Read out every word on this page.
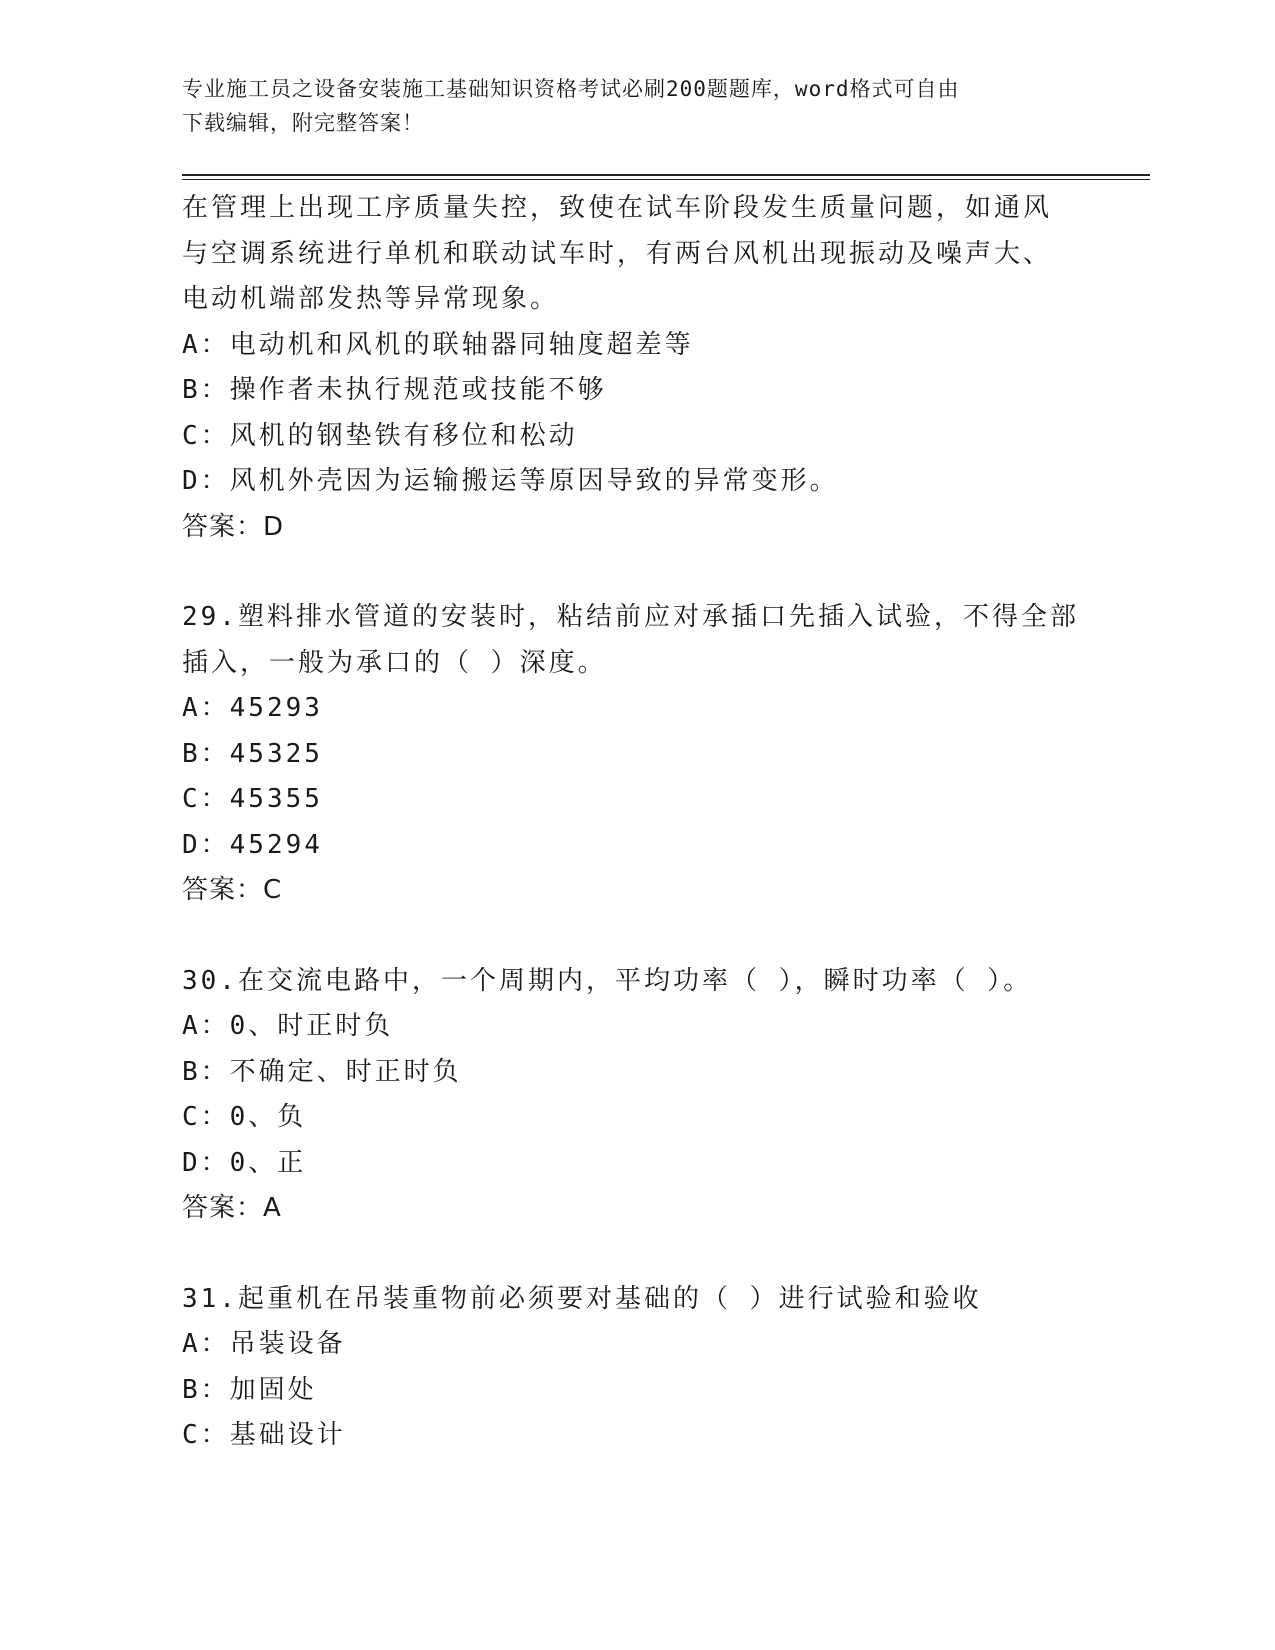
专业施工员之设备安装施工基础知识资格考试必刷200题题库，word格式可自由
下载编辑，附完整答案！
在管理上出现工序质量失控，致使在试车阶段发生质量问题，如通风
与空调系统进行单机和联动试车时，有两台风机出现振动及噪声大、
电动机端部发热等异常现象。
A：电动机和风机的联轴器同轴度超差等
B：操作者未执行规范或技能不够
C：风机的钢垫铁有移位和松动
D：风机外壳因为运输搬运等原因导致的异常变形。
答案：D
29.塑料排水管道的安装时，粘结前应对承插口先插入试验，不得全部
插入，一般为承口的（ ）深度。
A：45293
B：45325
C：45355
D：45294
答案：C
30.在交流电路中，一个周期内，平均功率（ ），瞬时功率（ ）。
A：0、时正时负
B：不确定、时正时负
C：0、负
D：0、正
答案：A
31.起重机在吊装重物前必须要对基础的（ ）进行试验和验收
A：吊装设备
B：加固处
C：基础设计
